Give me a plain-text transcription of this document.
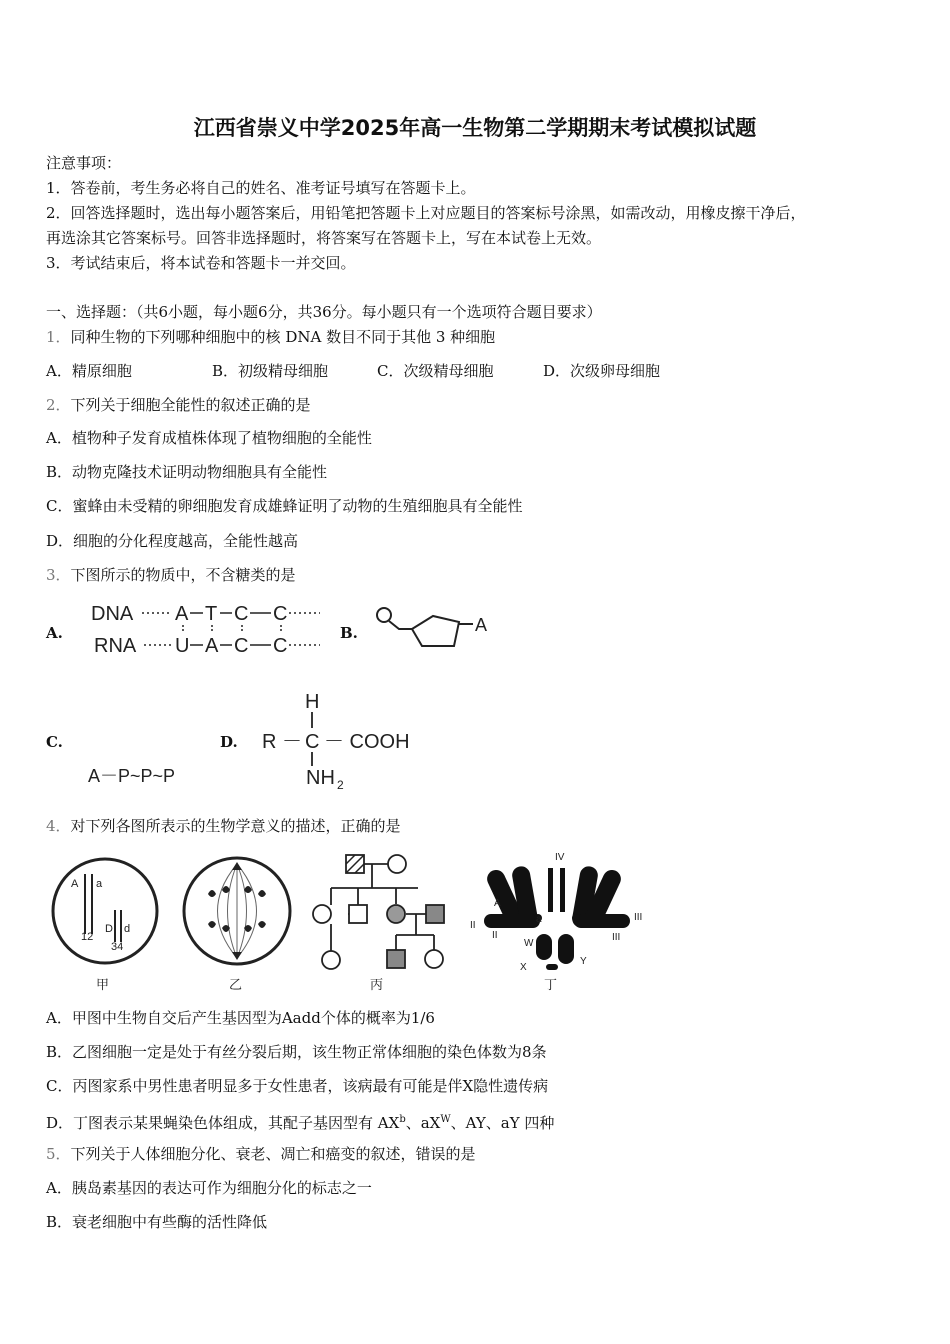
江西省崇义中学2025年高一生物第二学期期末考试模拟试题
注意事项：
1．答卷前，考生务必将自己的姓名、准考证号填写在答题卡上。
2．回答选择题时，选出每小题答案后，用铅笔把答题卡上对应题目的答案标号涂黑，如需改动，用橡皮擦干净后，
再选涂其它答案标号。回答非选择题时，将答案写在答题卡上，写在本试卷上无效。
3．考试结束后，将本试卷和答题卡一并交回。
一、选择题：（共6小题，每小题6分，共36分。每小题只有一个选项符合题目要求）
1．同种生物的下列哪种细胞中的核 DNA 数目不同于其他 3 种细胞
A．精原细胞	B．初级精母细胞	C．次级精母细胞	D．次级卵母细胞
2．下列关于细胞全能性的叙述正确的是
A．植物种子发育成植株体现了植物细胞的全能性
B．动物克隆技术证明动物细胞具有全能性
C．蜜蜂由未受精的卵细胞发育成雄蜂证明了动物的生殖细胞具有全能性
D．细胞的分化程度越高，全能性越高
3．下图所示的物质中，不含糖类的是
A.	B.
C.	D.
DNA A T C C
RNA U A C C
A
A－P~P~P
H
R － C － COOH
NH 2
4．对下列各图所表示的生物学意义的描述，正确的是
A a
D d
12
34
甲	乙	丙
IV
A
a
II
II
III
III
W
X
Y
丁
A．甲图中生物自交后产生基因型为Aadd个体的概率为1/6
B．乙图细胞一定是处于有丝分裂后期，该生物正常体细胞的染色体数为8条
C．丙图家系中男性患者明显多于女性患者，该病最有可能是伴X隐性遗传病
D．丁图表示某果蝇染色体组成，其配子基因型有 $AX^b$、$aX^W$、AY、aY 四种
5．下列关于人体细胞分化、衰老、凋亡和癌变的叙述，错误的是
A．胰岛素基因的表达可作为细胞分化的标志之一
B．衰老细胞中有些酶的活性降低
